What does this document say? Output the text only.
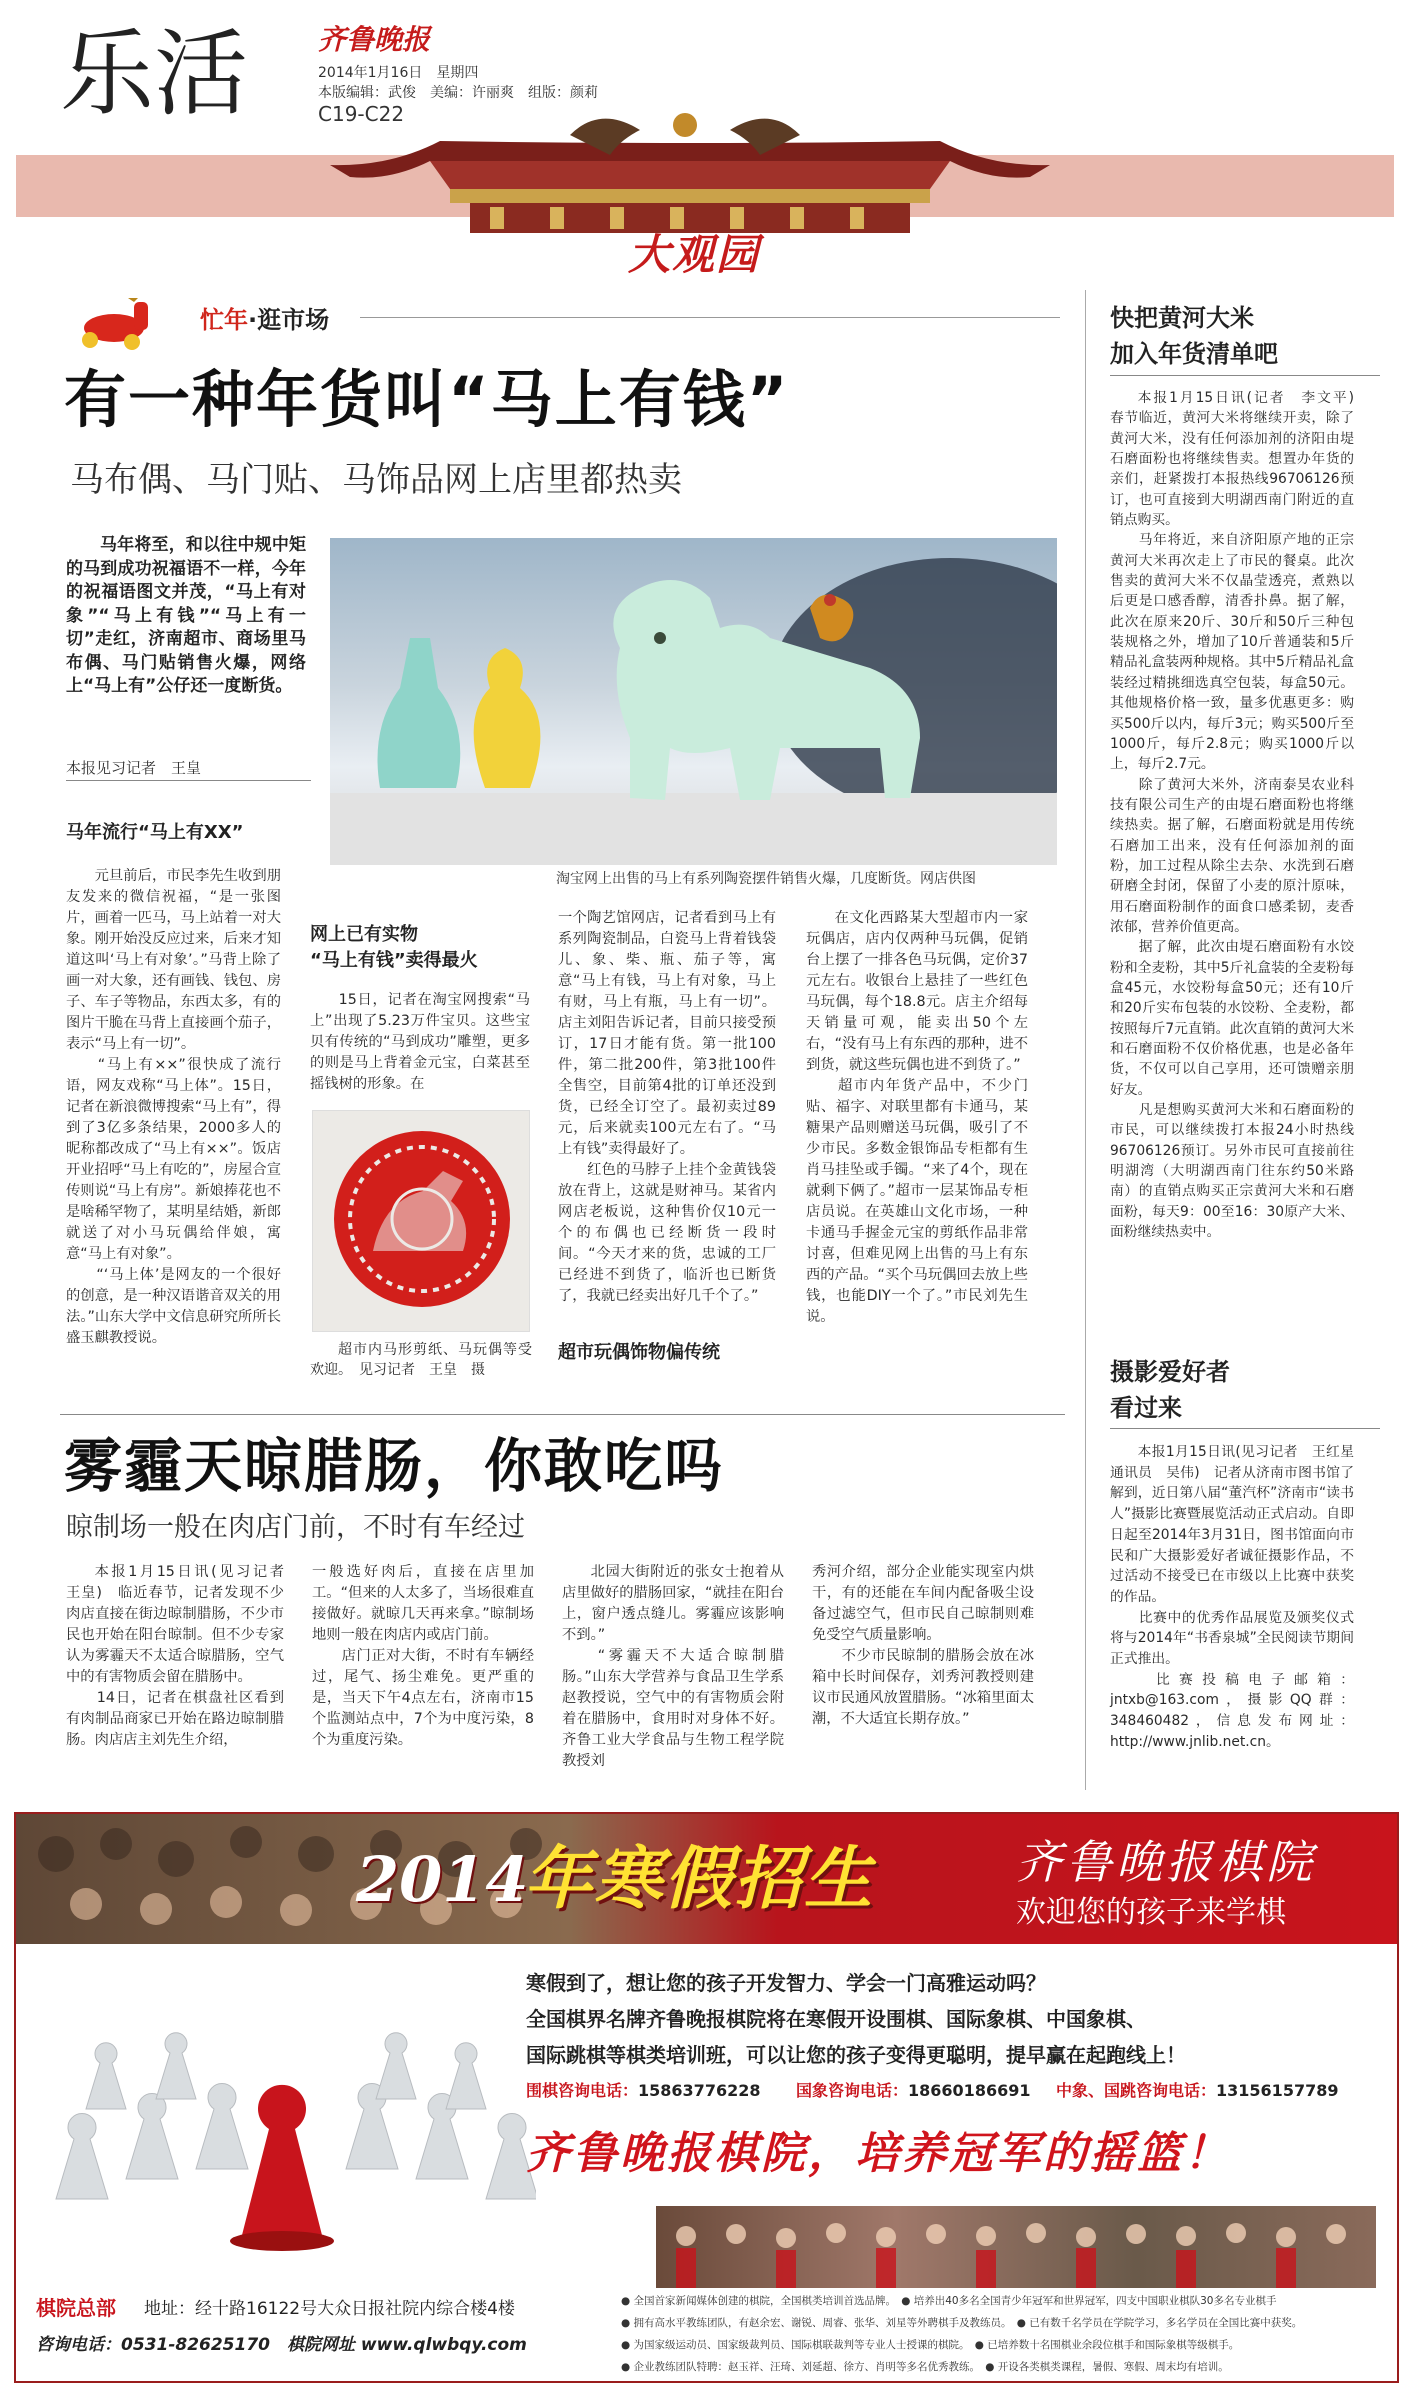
乐活 齐鲁晚报
2014年1月16日　星期四
本版编辑：武俊　美编：许丽爽　组版：颜莉
C19-C22
大观园
忙年·逛市场
有一种年货叫“马上有钱”
马布偶、马门贴、马饰品网上店里都热卖
马年将至，和以往中规中矩的马到成功祝福语不一样，今年的祝福语图文并茂，“马上有对象”“马上有钱”“马上有一切”走红，济南超市、商场里马布偶、马门贴销售火爆，网络上“马上有”公仔还一度断货。
本报见习记者　王皇
淘宝网上出售的马上有系列陶瓷摆件销售火爆，几度断货。网店供图
马年流行“马上有XX”
元旦前后，市民李先生收到朋友发来的微信祝福，“是一张图片，画着一匹马，马上站着一对大象。刚开始没反应过来，后来才知道这叫‘马上有对象’。”马背上除了画一对大象，还有画钱、钱包、房子、车子等物品，东西太多，有的图片干脆在马背上直接画个茄子，表示“马上有一切”。
　　“马上有××”很快成了流行语，网友戏称“马上体”。15日，记者在新浪微博搜索“马上有”，得到了3亿多条结果，2000多人的昵称都改成了“马上有××”。饭店开业招呼“马上有吃的”，房屋合宣传则说“马上有房”。新娘捧花也不是啥稀罕物了，某明星结婚，新郎就送了对小马玩偶给伴娘，寓意“马上有对象”。
　　“‘马上体’是网友的一个很好的创意，是一种汉语谐音双关的用法。”山东大学中文信息研究所所长盛玉麒教授说。
网上已有实物
“马上有钱”卖得最火
15日，记者在淘宝网搜索“马上”出现了5.23万件宝贝。这些宝贝有传统的“马到成功”雕塑，更多的则是马上背着金元宝，白菜甚至摇钱树的形象。在
超市内马形剪纸、马玩偶等受欢迎。　见习记者　王皇　摄
一个陶艺馆网店，记者看到马上有系列陶瓷制品，白瓷马上背着钱袋儿、象、柴、瓶、茄子等，寓意“马上有钱，马上有对象，马上有财，马上有瓶，马上有一切”。店主刘阳告诉记者，目前只接受预订，17日才能有货。第一批100件，第二批200件，第3批100件全售空，目前第4批的订单还没到货，已经全订空了。最初卖过89元，后来就卖100元左右了。“马上有钱”卖得最好了。
　　红色的马脖子上挂个金黄钱袋放在背上，这就是财神马。某省内网店老板说，这种售价仅10元一个的布偶也已经断货一段时间。“今天才来的货，忠诚的工厂已经进不到货了，临沂也已断货了，我就已经卖出好几千个了。”
超市玩偶饰物偏传统
在文化西路某大型超市内一家玩偶店，店内仅两种马玩偶，促销台上摆了一排各色马玩偶，定价37元左右。收银台上悬挂了一些红色马玩偶，每个18.8元。店主介绍每天销量可观，能卖出50个左右，“没有马上有东西的那种，进不到货，就这些玩偶也进不到货了。”
　　超市内年货产品中，不少门贴、福字、对联里都有卡通马，某糖果产品则赠送马玩偶，吸引了不少市民。多数金银饰品专柜都有生肖马挂坠或手镯。“来了4个，现在就剩下俩了。”超市一层某饰品专柜店员说。在英雄山文化市场，一种卡通马手握金元宝的剪纸作品非常讨喜，但难见网上出售的马上有东西的产品。“买个马玩偶回去放上些钱，也能DIY一个了。”市民刘先生说。
雾霾天晾腊肠，你敢吃吗
晾制场一般在肉店门前，不时有车经过
本报1月15日讯(见习记者　王皇)　临近春节，记者发现不少肉店直接在街边晾制腊肠，不少市民也开始在阳台晾制。但不少专家认为雾霾天不太适合晾腊肠，空气中的有害物质会留在腊肠中。
　　14日，记者在棋盘社区看到有肉制品商家已开始在路边晾制腊肠。肉店店主刘先生介绍，
一般选好肉后，直接在店里加工。“但来的人太多了，当场很难直接做好。就晾几天再来拿。”晾制场地则一般在肉店内或店门前。
　　店门正对大街，不时有车辆经过，尾气、扬尘难免。更严重的是，当天下午4点左右，济南市15个监测站点中，7个为中度污染，8个为重度污染。
北园大街附近的张女士抱着从店里做好的腊肠回家，“就挂在阳台上，窗户透点缝儿。雾霾应该影响不到。”
　　“雾霾天不大适合晾制腊肠。”山东大学营养与食品卫生学系赵教授说，空气中的有害物质会附着在腊肠中，食用时对身体不好。齐鲁工业大学食品与生物工程学院教授刘
秀河介绍，部分企业能实现室内烘干，有的还能在车间内配备吸尘设备过滤空气，但市民自己晾制则难免受空气质量影响。
　　不少市民晾制的腊肠会放在冰箱中长时间保存，刘秀河教授则建议市民通风放置腊肠。“冰箱里面太潮，不大适宜长期存放。”
快把黄河大米
加入年货清单吧
本报1月15日讯(记者　李文平)　春节临近，黄河大米将继续开卖，除了黄河大米，没有任何添加剂的济阳由堤石磨面粉也将继续售卖。想置办年货的亲们，赶紧拨打本报热线96706126预订，也可直接到大明湖西南门附近的直销点购买。
　　马年将近，来自济阳原产地的正宗黄河大米再次走上了市民的餐桌。此次售卖的黄河大米不仅晶莹透亮，煮熟以后更是口感香醇，清香扑鼻。据了解，此次在原来20斤、30斤和50斤三种包装规格之外，增加了10斤普通装和5斤精品礼盒装两种规格。其中5斤精品礼盒装经过精挑细选真空包装，每盒50元。其他规格价格一致，量多优惠更多：购买500斤以内，每斤3元；购买500斤至1000斤，每斤2.8元；购买1000斤以上，每斤2.7元。
　　除了黄河大米外，济南泰昊农业科技有限公司生产的由堤石磨面粉也将继续热卖。据了解，石磨面粉就是用传统石磨加工出来，没有任何添加剂的面粉，加工过程从除尘去杂、水洗到石磨研磨全封闭，保留了小麦的原汁原味，用石磨面粉制作的面食口感柔韧，麦香浓郁，营养价值更高。
　　据了解，此次由堤石磨面粉有水饺粉和全麦粉，其中5斤礼盒装的全麦粉每盒45元，水饺粉每盒50元；还有10斤和20斤实布包装的水饺粉、全麦粉，都按照每斤7元直销。此次直销的黄河大米和石磨面粉不仅价格优惠，也是必备年货，不仅可以自己享用，还可馈赠亲朋好友。
　　凡是想购买黄河大米和石磨面粉的市民，可以继续拨打本报24小时热线96706126预订。另外市民可直接前往明湖湾（大明湖西南门往东约50米路南）的直销点购买正宗黄河大米和石磨面粉，每天9：00至16：30原产大米、面粉继续热卖中。
摄影爱好者
看过来
本报1月15日讯(见习记者　王红星　通讯员　吴伟)　记者从济南市图书馆了解到，近日第八届“董汽杯”济南市“读书人”摄影比赛暨展览活动正式启动。自即日起至2014年3月31日，图书馆面向市民和广大摄影爱好者诚征摄影作品，不过活动不接受已在市级以上比赛中获奖的作品。
　　比赛中的优秀作品展览及颁奖仪式将与2014年“书香泉城”全民阅读节期间正式推出。
　　比赛投稿电子邮箱：jntxb@163.com，摄影QQ群：348460482，信息发布网址：http://www.jnlib.net.cn。
2014
年寒假招生	齐鲁晚报棋院
欢迎您的孩子来学棋
寒假到了，想让您的孩子开发智力、学会一门高雅运动吗？
全国棋界名牌齐鲁晚报棋院将在寒假开设围棋、国际象棋、中国象棋、
国际跳棋等棋类培训班，可以让您的孩子变得更聪明，提早赢在起跑线上！
围棋咨询电话：15863776228 国象咨询电话：18660186691 中象、国跳咨询电话：13156157789
齐鲁晚报棋院，培养冠军的摇篮！
棋院总部 地址：经十路16122号大众日报社院内综合楼4楼
咨询电话：0531-82625170　棋院网址 www.qlwbqy.com
● 全国首家新闻媒体创建的棋院，全国棋类培训首选品牌。　● 培养出40多名全国青少年冠军和世界冠军，四支中国职业棋队30多名专业棋手
● 拥有高水平教练团队，有赵余宏、谢锐、周睿、张华、刘星等外聘棋手及教练员。　● 已有数千名学员在学院学习，多名学员在全国比赛中获奖。
● 为国家级运动员、国家级裁判员、国际棋联裁判等专业人士授课的棋院。　● 已培养数十名围棋业余段位棋手和国际象棋等级棋手。
● 企业教练团队特聘：赵玉祥、汪琦、刘延超、徐方、肖明等多名优秀教练。　● 开设各类棋类课程，暑假、寒假、周末均有培训。
